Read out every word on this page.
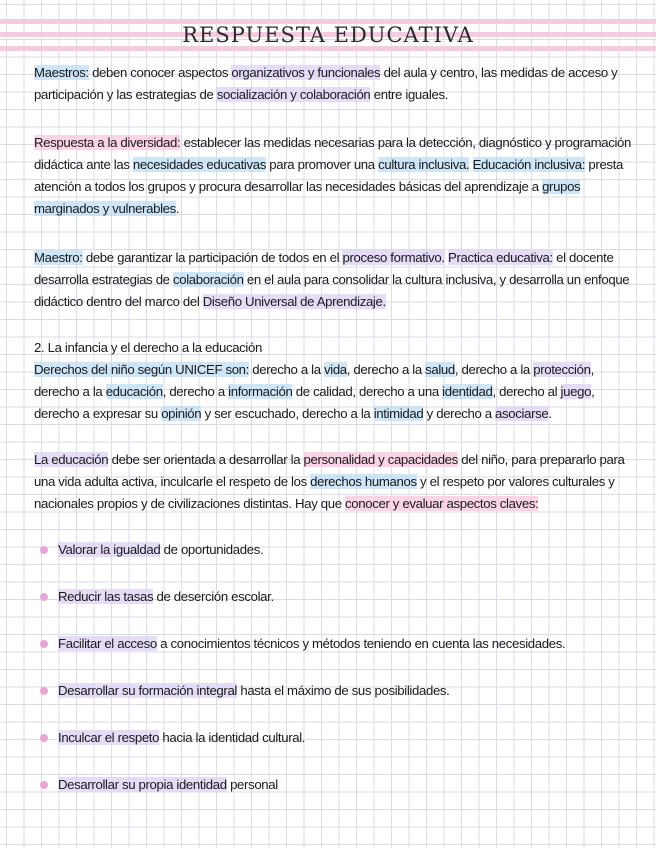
RESPUESTA EDUCATIVA

Maestros: deben conocer aspectos organizativos y funcionales del aula y centro, las medidas de acceso y participación y las estrategias de socialización y colaboración entre iguales.

Respuesta a la diversidad: establecer las medidas necesarias para la detección, diagnóstico y programación didáctica ante las necesidades educativas para promover una cultura inclusiva. Educación inclusiva: presta atención a todos los grupos y procura desarrollar las necesidades básicas del aprendizaje a grupos marginados y vulnerables.

Maestro: debe garantizar la participación de todos en el proceso formativo. Practica educativa: el docente desarrolla estrategias de colaboración en el aula para consolidar la cultura inclusiva, y desarrolla un enfoque didáctico dentro del marco del Diseño Universal de Aprendizaje.

2. La infancia y el derecho a la educación

Derechos del niño según UNICEF son: derecho a la vida, derecho a la salud, derecho a la protección, derecho a la educación, derecho a información de calidad, derecho a una identidad, derecho al juego, derecho a expresar su opinión y ser escuchado, derecho a la intimidad y derecho a asociarse.

La educación debe ser orientada a desarrollar la personalidad y capacidades del niño, para prepararlo para una vida adulta activa, inculcarle el respeto de los derechos humanos y el respeto por valores culturales y nacionales propios y de civilizaciones distintas. Hay que conocer y evaluar aspectos claves:

Valorar la igualdad de oportunidades.
Reducir las tasas de deserción escolar.
Facilitar el acceso a conocimientos técnicos y métodos teniendo en cuenta las necesidades.
Desarrollar su formación integral hasta el máximo de sus posibilidades.
Inculcar el respeto hacia la identidad cultural.
Desarrollar su propia identidad personal
